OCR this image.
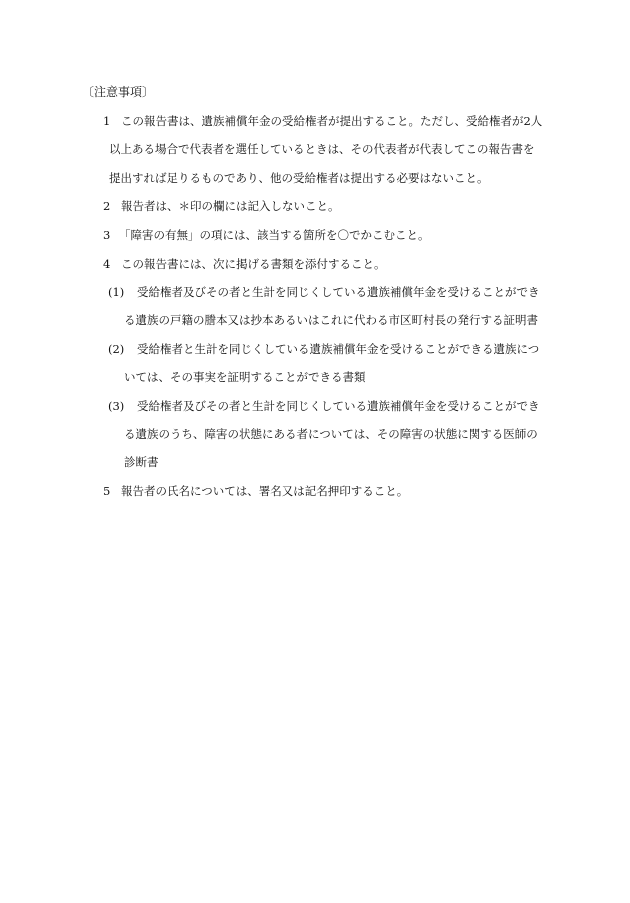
〔注意事項〕
1 この報告書は、遺族補償年金の受給権者が提出すること。ただし、受給権者が2人
以上ある場合で代表者を選任しているときは、その代表者が代表してこの報告書を
提出すれば足りるものであり、他の受給権者は提出する必要はないこと。
2 報告者は、＊印の欄には記入しないこと。
3 「障害の有無」の項には、該当する箇所を〇でかこむこと。
4 この報告書には、次に掲げる書類を添付すること。
(1) 受給権者及びその者と生計を同じくしている遺族補償年金を受けることができ
る遺族の戸籍の謄本又は抄本あるいはこれに代わる市区町村長の発行する証明書
(2) 受給権者と生計を同じくしている遺族補償年金を受けることができる遺族につ
いては、その事実を証明することができる書類
(3) 受給権者及びその者と生計を同じくしている遺族補償年金を受けることができ
る遺族のうち、障害の状態にある者については、その障害の状態に関する医師の
診断書
5 報告者の氏名については、署名又は記名押印すること。
